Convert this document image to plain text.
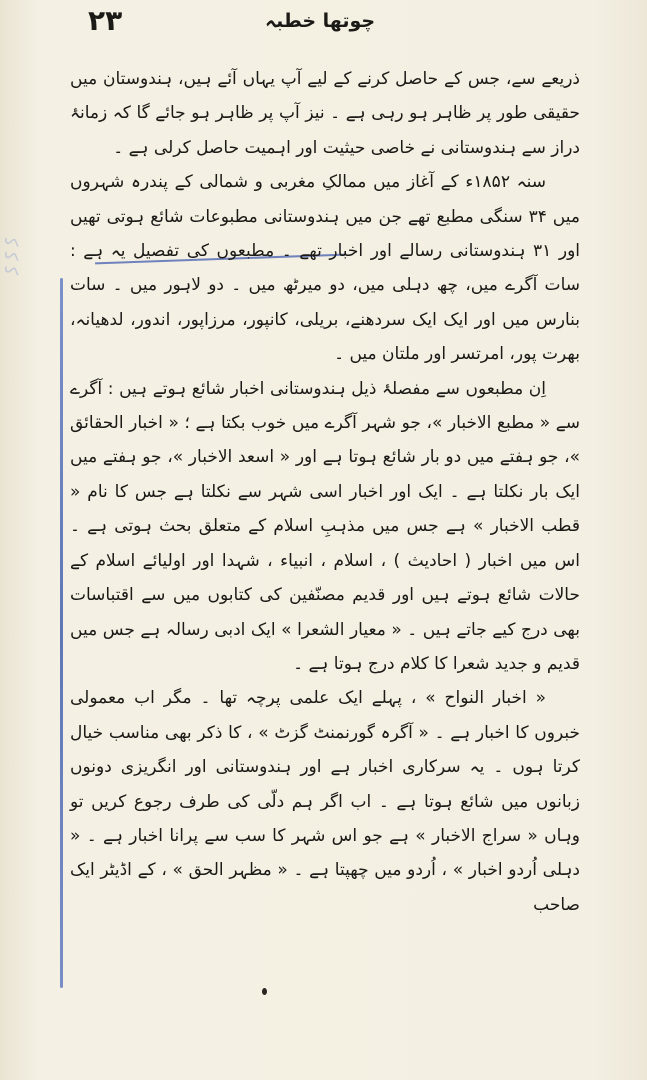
۲۳	چوتھا خطبہ
ﮐ ﮐ ﮐ

ذریعے سے، جس کے حاصل کرنے کے لیے آپ یہاں آئے ہیں، ہندوستان میں حقیقی طور پر ظاہر ہو رہی ہے ۔ نیز آپ پر ظاہر ہو جائے گا کہ زمانۂ دراز سے ہندوستانی نے خاصی حیثیت اور اہمیت حاصل کرلی ہے ۔

سنہ ۱۸۵۲ء کے آغاز میں ممالکِ مغربی و شمالی کے پندرہ شہروں میں ۳۴ سنگی مطبع تھے جن میں ہندوستانی مطبوعات شائع ہوتی تھیں اور ۳۱ ہندوستانی رسالے اور اخبار تھے ۔ مطبعوں کی تفصیل یہ ہے : سات آگرے میں، چھ دہلی میں، دو میرٹھ میں ۔ دو لاہور میں ۔ سات بنارس میں اور ایک ایک سردھنے، بریلی، کانپور، مرزاپور، اندور، لدھیانہ، بھرت پور، امرتسر اور ملتان میں ۔

اِن مطبعوں سے مفصلۂ ذیل ہندوستانی اخبار شائع ہوتے ہیں : آگرے سے « مطبع الاخبار »، جو شہر آگرے میں خوب بکتا ہے ؛ « اخبار الحقائق »، جو ہفتے میں دو بار شائع ہوتا ہے اور « اسعد الاخبار »، جو ہفتے میں ایک بار نکلتا ہے ۔ ایک اور اخبار اسی شہر سے نکلتا ہے جس کا نام « قطب الاخبار » ہے جس میں مذہبِ اسلام کے متعلق بحث ہوتی ہے ۔ اس میں اخبار ( احادیث ) ، اسلام ، انبیاء ، شہدا اور اولیائے اسلام کے حالات شائع ہوتے ہیں اور قدیم مصنّفین کی کتابوں میں سے اقتباسات بھی درج کیے جاتے ہیں ۔ « معیار الشعرا » ایک ادبی رسالہ ہے جس میں قدیم و جدید شعرا کا کلام درج ہوتا ہے ۔

« اخبار النواح » ، پہلے ایک علمی پرچہ تھا ۔ مگر اب معمولی خبروں کا اخبار ہے ۔ « آگرہ گورنمنٹ گزٹ » ، کا ذکر بھی مناسب خیال کرتا ہوں ۔ یہ سرکاری اخبار ہے اور ہندوستانی اور انگریزی دونوں زبانوں میں شائع ہوتا ہے ۔ اب اگر ہم دلّی کی طرف رجوع کریں تو وہاں « سراج الاخبار » ہے جو اس شہر کا سب سے پرانا اخبار ہے ۔ « دہلی اُردو اخبار » ، اُردو میں چھپتا ہے ۔ « مظہر الحق » ، کے اڈیٹر ایک صاحب
